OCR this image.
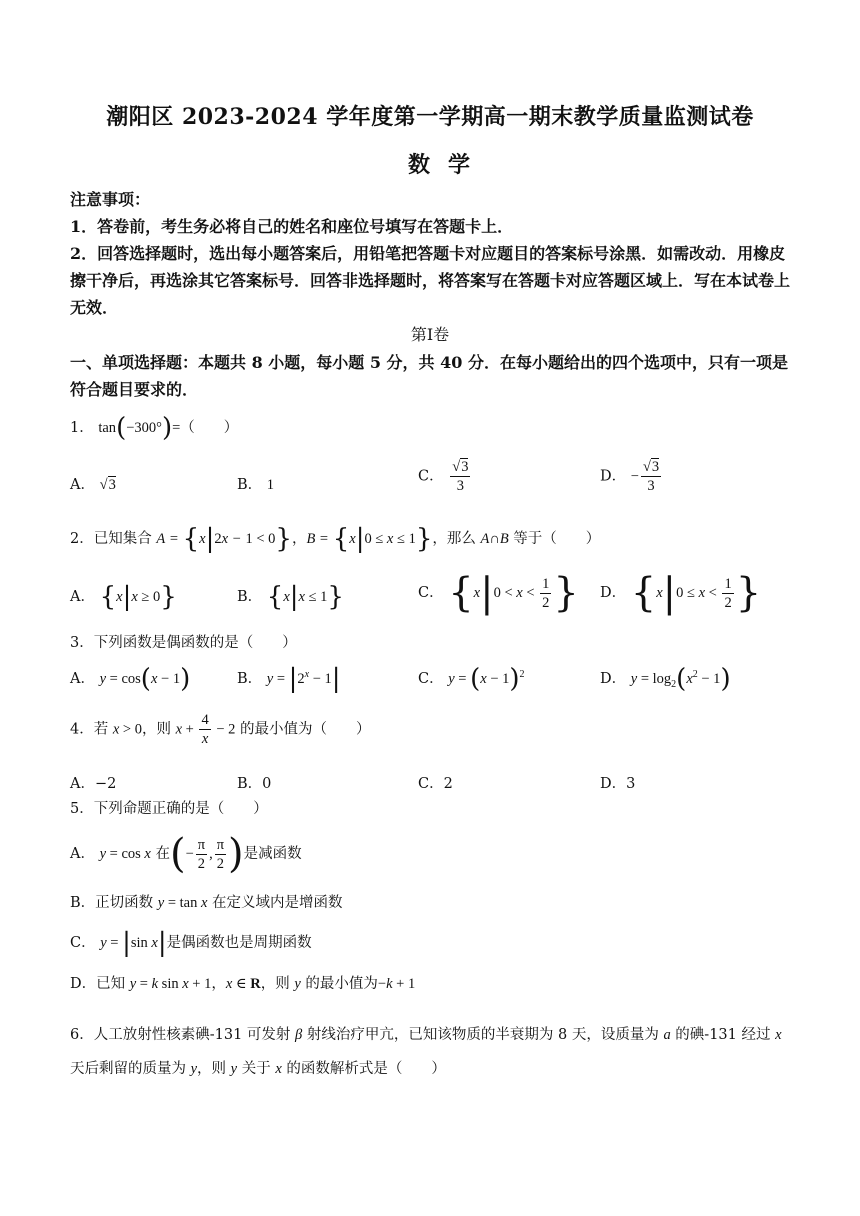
潮阳区 2023-2024 学年度第一学期高一期末教学质量监测试卷
数学
注意事项：
1．答卷前，考生务必将自己的姓名和座位号填写在答题卡上．
2．回答选择题时，选出每小题答案后，用铅笔把答题卡对应题目的答案标号涂黑．如需改动．用橡皮擦干净后，再选涂其它答案标号．回答非选择题时，将答案写在答题卡对应答题区域上．写在本试卷上无效．
第Ⅰ卷
一、单项选择题：本题共 8 小题，每小题 5 分，共 40 分．在每小题给出的四个选项中，只有一项是符合题目要求的．
1． tan(−300°)=（　　）
A． √3	B． 1
C． $\frac{√3}{3}$	D． − $\frac{√3}{3}$
2．已知集合 A = {x|2x − 1 < 0}，B = {x|0 ≤ x ≤ 1}，那么 A∩B 等于（　　）
A． {x|x ≥ 0}	B． {x|x ≤ 1}	C． {$x|0 < x < \frac{1}{2}$ } D． {$x|0 \le x < \frac{1}{2}$ }
3．下列函数是偶函数的是（　　）
A． y = cos(x − 1)	B． $y = |2^x - 1|$	C． $y = (x - 1)^2$	D． $y = \log_2(x^2 - 1)$
4．若 x > 0，则 $x + \frac{4}{x} - 2$ 的最小值为（　　）
A．−2	B．0	C．2	D．3
5．下列命题正确的是（　　）
A． y = cos x 在(− $\frac{\pi}{2}$ , $\frac{\pi}{2}$ )是减函数
B．正切函数 y = tan x 在定义域内是增函数
C． y = |sin x|是偶函数也是周期函数
D．已知 y = k sin x + 1，x ∈ R，则 y 的最小值为−k + 1
6．人工放射性核素碘-131 可发射 β 射线治疗甲亢，已知该物质的半衰期为 8 天，设质量为 a 的碘-131 经过 x 天后剩留的质量为 y，则 y 关于 x 的函数解析式是（　　）
